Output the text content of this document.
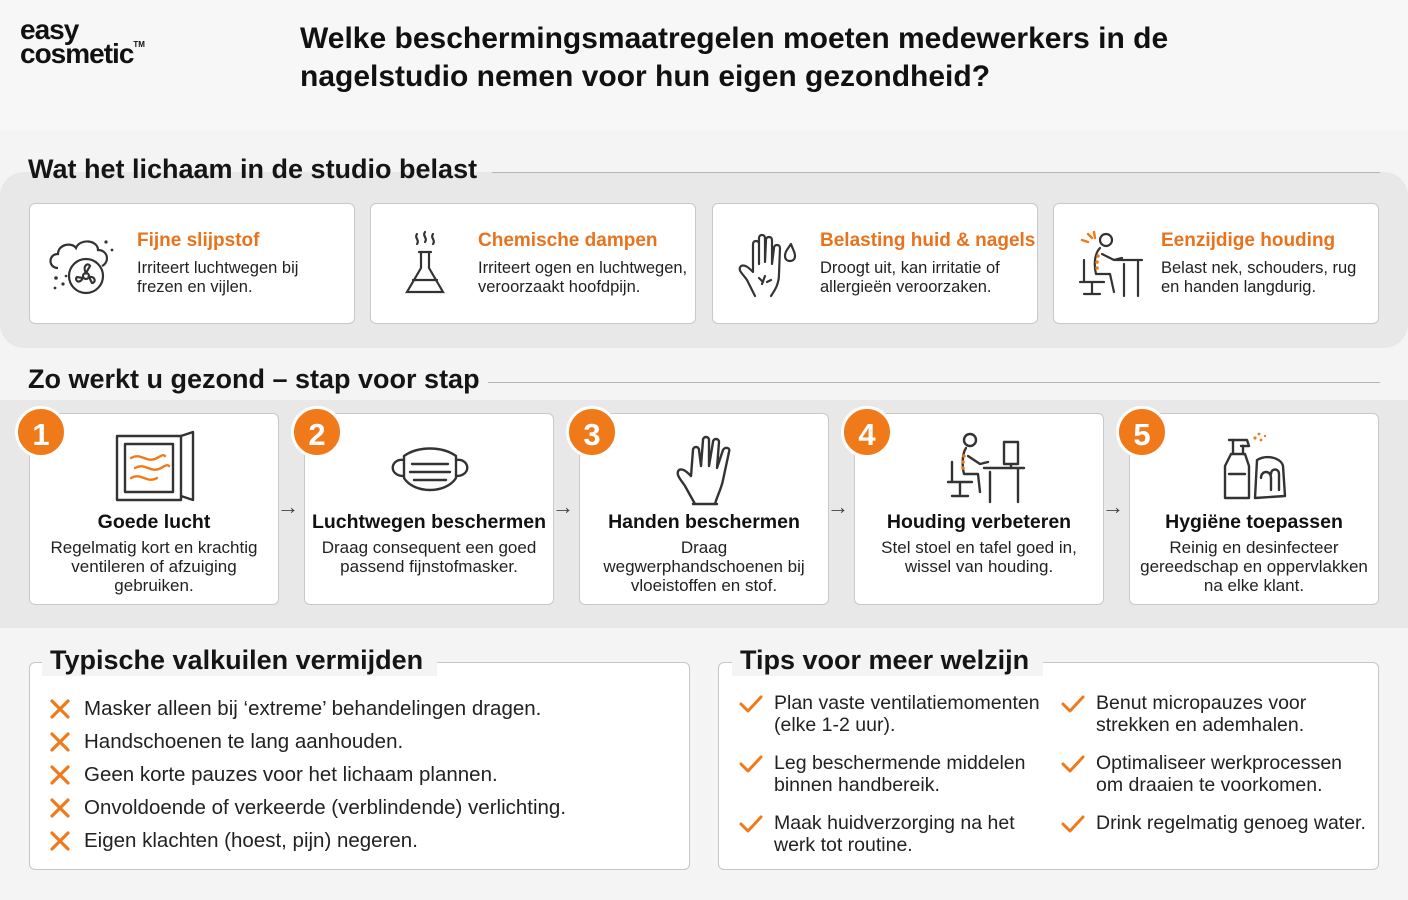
easy
cosmetic™	Welke beschermingsmaatregelen moeten medewerkers in de nagelstudio nemen voor hun eigen gezondheid?
Wat het lichaam in de studio belast
Fijne slijpstof
Irriteert luchtwegen bij frezen en vijlen.
Chemische dampen
Irriteert ogen en luchtwegen, veroorzaakt hoofdpijn.
Belasting huid & nagels
Droogt uit, kan irritatie of allergieën veroorzaken.
Eenzijdige houding
Belast nek, schouders, rug en handen langdurig.
Zo werkt u gezond – stap voor stap
Goede lucht
Regelmatig kort en krachtig ventileren of afzuiging gebruiken.
1
→
Luchtwegen beschermen
Draag consequent een goed passend fijnstofmasker.
2
→
Handen beschermen
Draag wegwerphandschoenen bij vloeistoffen en stof.
3
→
Houding verbeteren
Stel stoel en tafel goed in, wissel van houding.
4
→
Hygiëne toepassen
Reinig en desinfecteer gereedschap en oppervlakken na elke klant.
5
Typische valkuilen vermijden
Masker alleen bij ‘extreme’ behandelingen dragen.
Handschoenen te lang aanhouden.
Geen korte pauzes voor het lichaam plannen.
Onvoldoende of verkeerde (verblindende) verlichting.
Eigen klachten (hoest, pijn) negeren.
Tips voor meer welzijn
Plan vaste ventilatiemomenten (elke 1-2 uur).
Leg beschermende middelen binnen handbereik.
Maak huidverzorging na het werk tot routine.
Benut micropauzes voor strekken en ademhalen.
Optimaliseer werkprocessen om draaien te voorkomen.
Drink regelmatig genoeg water.
